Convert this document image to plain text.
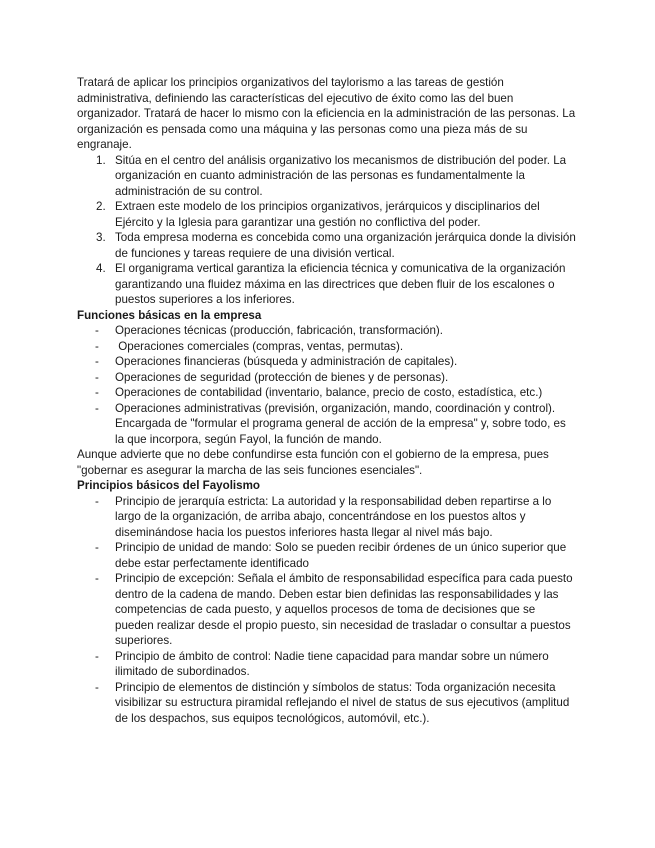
Tratará de aplicar los principios organizativos del taylorismo a las tareas de gestión administrativa, definiendo las características del ejecutivo de éxito como las del buen organizador. Tratará de hacer lo mismo con la eficiencia en la administración de las personas. La organización es pensada como una máquina y las personas como una pieza más de su engranaje.

1. Sitúa en el centro del análisis organizativo los mecanismos de distribución del poder. La organización en cuanto administración de las personas es fundamentalmente la administración de su control.
2. Extraen este modelo de los principios organizativos, jerárquicos y disciplinarios del Ejército y la Iglesia para garantizar una gestión no conflictiva del poder.
3. Toda empresa moderna es concebida como una organización jerárquica donde la división de funciones y tareas requiere de una división vertical.
4. El organigrama vertical garantiza la eficiencia técnica y comunicativa de la organización garantizando una fluidez máxima en las directrices que deben fluir de los escalones o puestos superiores a los inferiores.

Funciones básicas en la empresa

- Operaciones técnicas (producción, fabricación, transformación).
- Operaciones comerciales (compras, ventas, permutas).
- Operaciones financieras (búsqueda y administración de capitales).
- Operaciones de seguridad (protección de bienes y de personas).
- Operaciones de contabilidad (inventario, balance, precio de costo, estadística, etc.)
- Operaciones administrativas (previsión, organización, mando, coordinación y control). Encargada de "formular el programa general de acción de la empresa" y, sobre todo, es la que incorpora, según Fayol, la función de mando.

Aunque advierte que no debe confundirse esta función con el gobierno de la empresa, pues "gobernar es asegurar la marcha de las seis funciones esenciales".

Principios básicos del Fayolismo

- Principio de jerarquía estricta: La autoridad y la responsabilidad deben repartirse a lo largo de la organización, de arriba abajo, concentrándose en los puestos altos y diseminándose hacia los puestos inferiores hasta llegar al nivel más bajo.
- Principio de unidad de mando: Solo se pueden recibir órdenes de un único superior que debe estar perfectamente identificado
- Principio de excepción: Señala el ámbito de responsabilidad específica para cada puesto dentro de la cadena de mando. Deben estar bien definidas las responsabilidades y las competencias de cada puesto, y aquellos procesos de toma de decisiones que se pueden realizar desde el propio puesto, sin necesidad de trasladar o consultar a puestos superiores.
- Principio de ámbito de control: Nadie tiene capacidad para mandar sobre un número ilimitado de subordinados.
- Principio de elementos de distinción y símbolos de status: Toda organización necesita visibilizar su estructura piramidal reflejando el nivel de status de sus ejecutivos (amplitud de los despachos, sus equipos tecnológicos, automóvil, etc.).
